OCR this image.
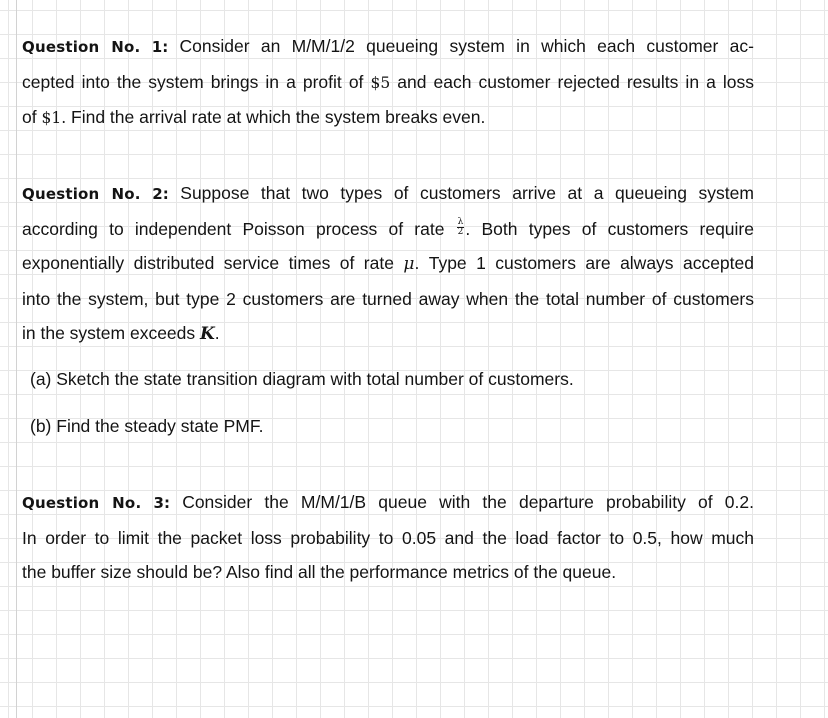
Question No. 1: Consider an M/M/1/2 queueing system in which each customer ac-
cepted into the system brings in a profit of $5 and each customer rejected results in a loss
of $1. Find the arrival rate at which the system breaks even.
Question No. 2: Suppose that two types of customers arrive at a queueing system
according to independent Poisson process of rate $\frac{\lambda}{2}$ . Both types of customers require
exponentially distributed service times of rate μ. Type 1 customers are always accepted
into the system, but type 2 customers are turned away when the total number of customers
in the system exceeds K.
(a) Sketch the state transition diagram with total number of customers.
(b) Find the steady state PMF.
Question No. 3: Consider the M/M/1/B queue with the departure probability of 0.2.
In order to limit the packet loss probability to 0.05 and the load factor to 0.5, how much
the buffer size should be? Also find all the performance metrics of the queue.
